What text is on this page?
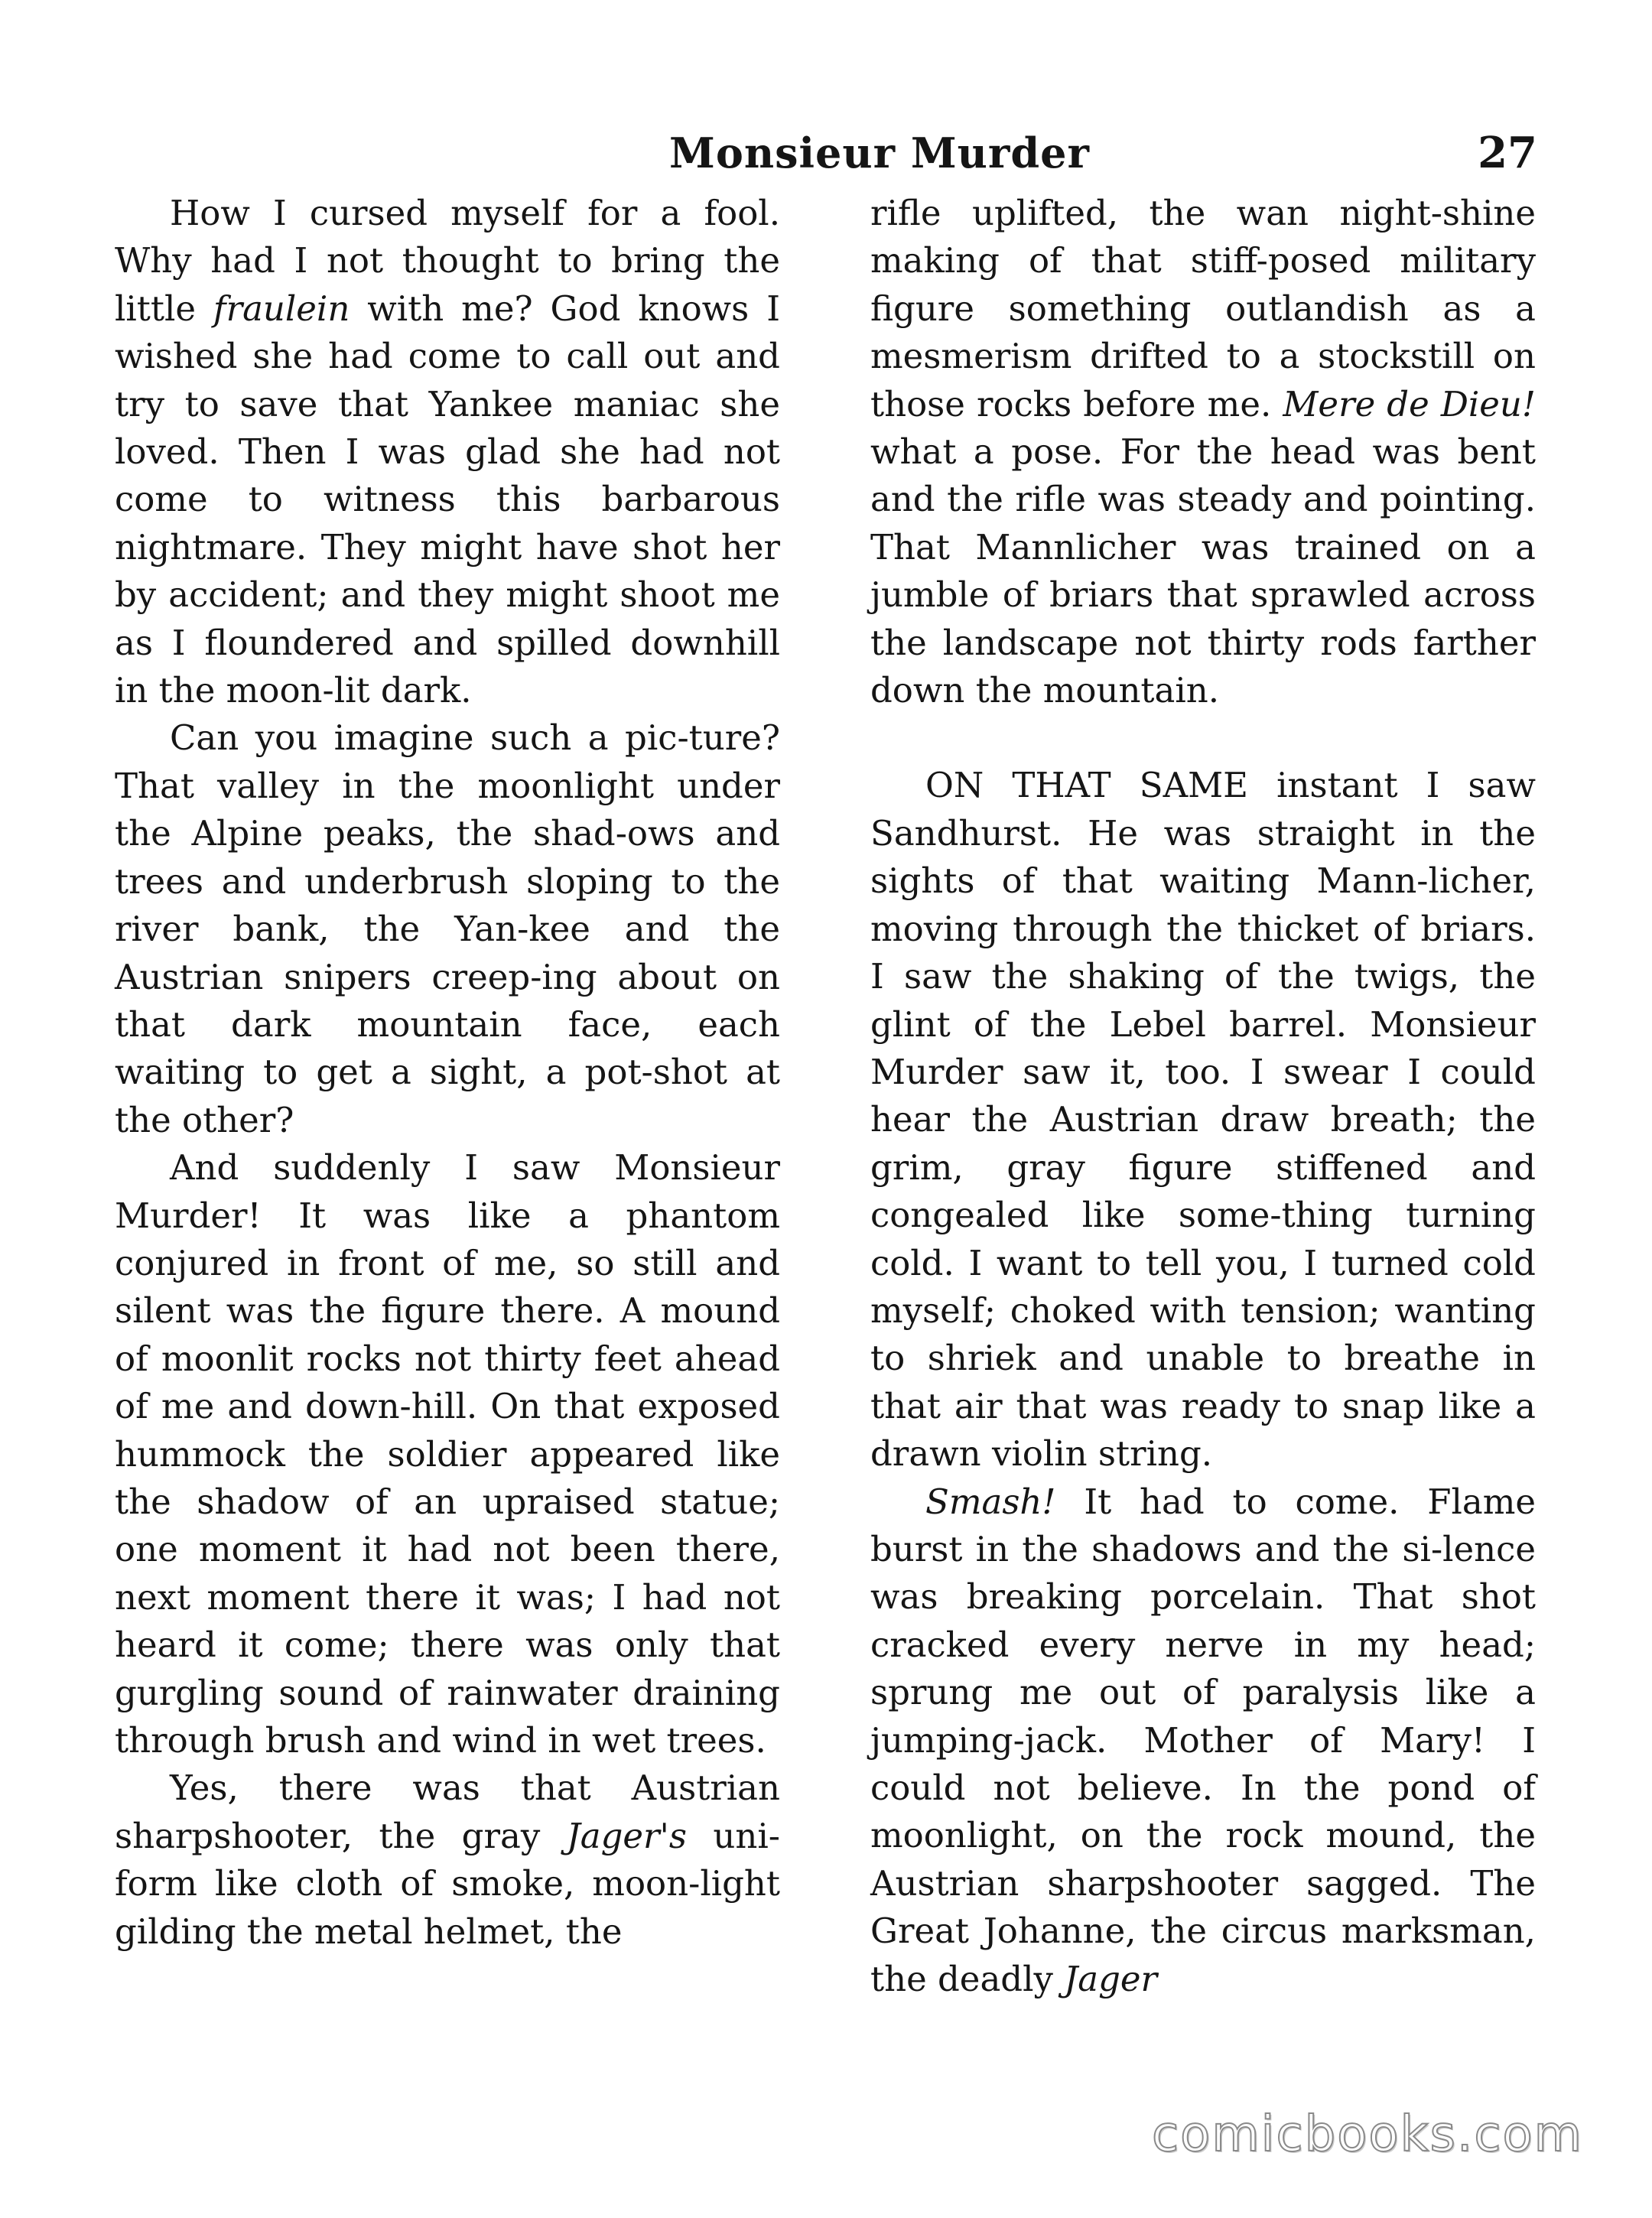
Monsieur Murder	27

How I cursed myself for a fool. Why had I not thought to bring the little fraulein with me? God knows I wished she had come to call out and try to save that Yankee maniac she loved. Then I was glad she had not come to witness this barbarous nightmare. They might have shot her by accident; and they might shoot me as I floundered and spilled downhill in the moon-lit dark.

Can you imagine such a pic-ture? That valley in the moonlight under the Alpine peaks, the shad-ows and trees and underbrush sloping to the river bank, the Yan-kee and the Austrian snipers creep-ing about on that dark mountain face, each waiting to get a sight, a pot-shot at the other?

And suddenly I saw Monsieur Murder! It was like a phantom conjured in front of me, so still and silent was the figure there. A mound of moonlit rocks not thirty feet ahead of me and down-hill. On that exposed hummock the soldier appeared like the shadow of an upraised statue; one moment it had not been there, next moment there it was; I had not heard it come; there was only that gurgling sound of rainwater draining through brush and wind in wet trees.

Yes, there was that Austrian sharpshooter, the gray Jager's uni-form like cloth of smoke, moon-light gilding the metal helmet, the

rifle uplifted, the wan night-shine making of that stiff-posed military figure something outlandish as a mesmerism drifted to a stockstill on those rocks before me. Mere de Dieu! what a pose. For the head was bent and the rifle was steady and pointing. That Mannlicher was trained on a jumble of briars that sprawled across the landscape not thirty rods farther down the mountain.

ON THAT SAME instant I saw Sandhurst. He was straight in the sights of that waiting Mann-licher, moving through the thicket of briars. I saw the shaking of the twigs, the glint of the Lebel barrel. Monsieur Murder saw it, too. I swear I could hear the Austrian draw breath; the grim, gray figure stiffened and congealed like some-thing turning cold. I want to tell you, I turned cold myself; choked with tension; wanting to shriek and unable to breathe in that air that was ready to snap like a drawn violin string.

Smash! It had to come. Flame burst in the shadows and the si-lence was breaking porcelain. That shot cracked every nerve in my head; sprung me out of paralysis like a jumping-jack. Mother of Mary! I could not believe. In the pond of moonlight, on the rock mound, the Austrian sharpshooter sagged. The Great Johanne, the circus marksman, the deadly Jager

comicbooks.com
